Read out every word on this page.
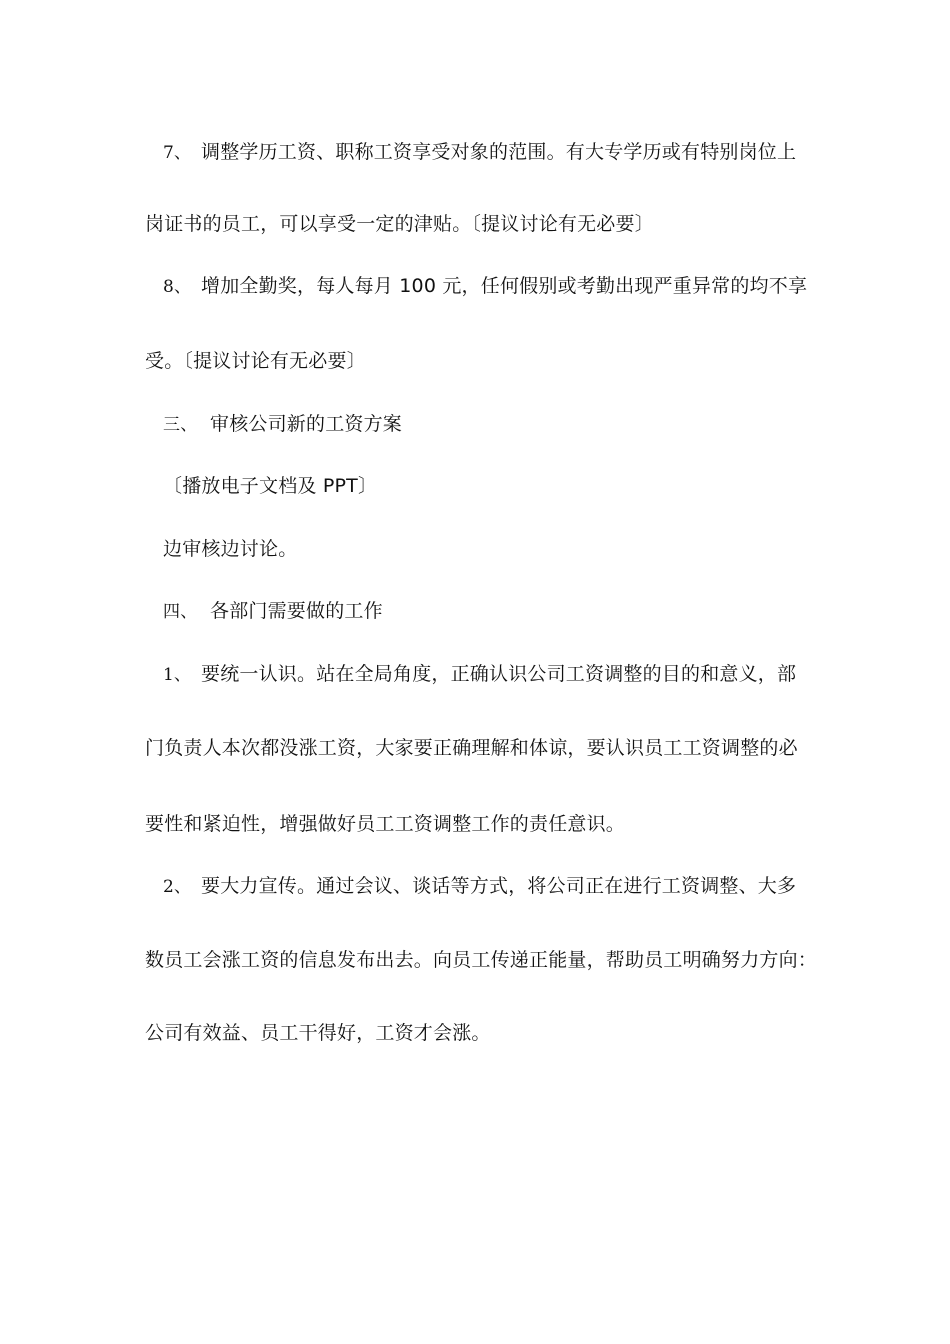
7、 调整学历工资、职称工资享受对象的范围。有大专学历或有特别岗位上
岗证书的员工，可以享受一定的津贴。〔提议讨论有无必要〕
8、 增加全勤奖，每人每月 100 元，任何假别或考勤出现严重异常的均不享
受。〔提议讨论有无必要〕
三、 审核公司新的工资方案
〔播放电子文档及 PPT〕
边审核边讨论。
四、 各部门需要做的工作
1、 要统一认识。站在全局角度，正确认识公司工资调整的目的和意义，部
门负责人本次都没涨工资，大家要正确理解和体谅，要认识员工工资调整的必
要性和紧迫性，增强做好员工工资调整工作的责任意识。
2、 要大力宣传。通过会议、谈话等方式，将公司正在进行工资调整、大多
数员工会涨工资的信息发布出去。向员工传递正能量，帮助员工明确努力方向：
公司有效益、员工干得好，工资才会涨。
